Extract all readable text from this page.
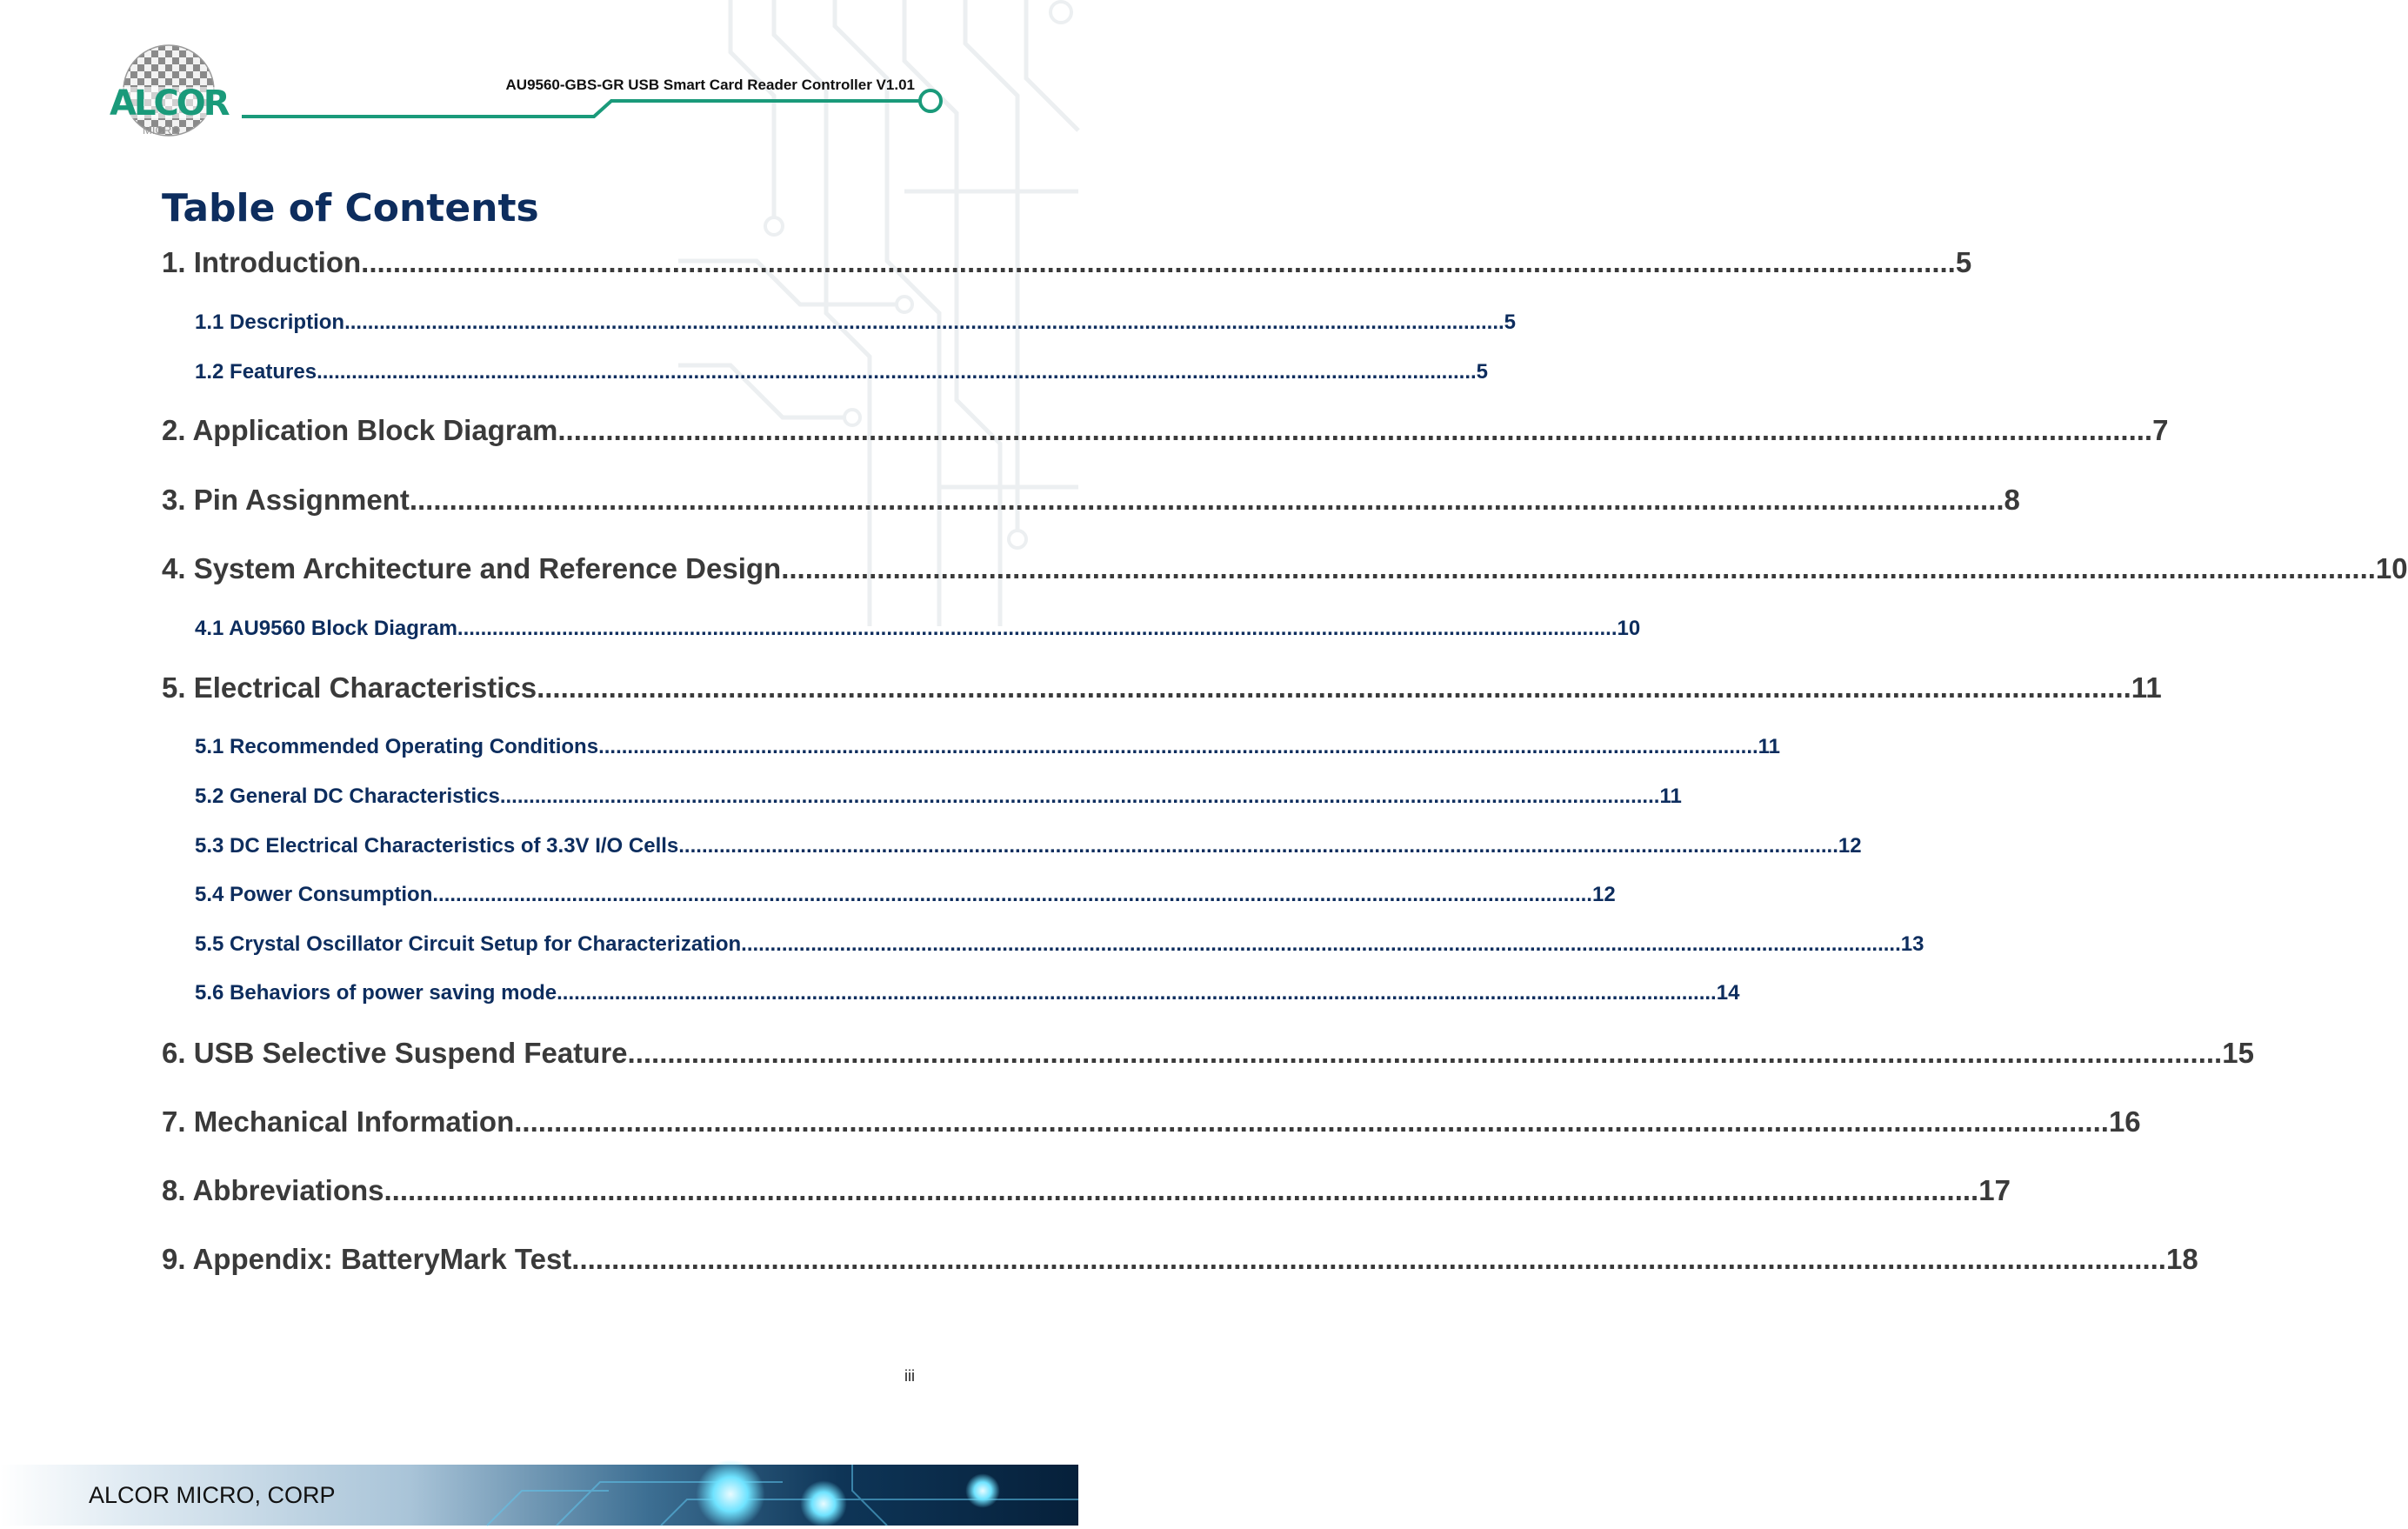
ALCOR
MICRO
AU9560-GBS-GR USB Smart Card Reader Controller V1.01
Table of Contents
1. Introduction ........................................................................................................................................................................................................ 5
1.1 Description ........................................................................................................................................................................................................ 5
1.2 Features ........................................................................................................................................................................................................ 5
2. Application Block Diagram ........................................................................................................................................................................................................ 7
3. Pin Assignment ........................................................................................................................................................................................................ 8
4. System Architecture and Reference Design ........................................................................................................................................................................................................ 10
4.1 AU9560 Block Diagram ........................................................................................................................................................................................................ 10
5. Electrical Characteristics ........................................................................................................................................................................................................ 11
5.1 Recommended Operating Conditions ........................................................................................................................................................................................................ 11
5.2 General DC Characteristics ........................................................................................................................................................................................................ 11
5.3 DC Electrical Characteristics of 3.3V I/O Cells ........................................................................................................................................................................................................ 12
5.4 Power Consumption ........................................................................................................................................................................................................ 12
5.5 Crystal Oscillator Circuit Setup for Characterization ........................................................................................................................................................................................................ 13
5.6 Behaviors of power saving mode ........................................................................................................................................................................................................ 14
6. USB Selective Suspend Feature ........................................................................................................................................................................................................ 15
7. Mechanical Information ........................................................................................................................................................................................................ 16
8. Abbreviations ........................................................................................................................................................................................................ 17
9. Appendix: BatteryMark Test ........................................................................................................................................................................................................ 18
iii
ALCOR MICRO, CORP
